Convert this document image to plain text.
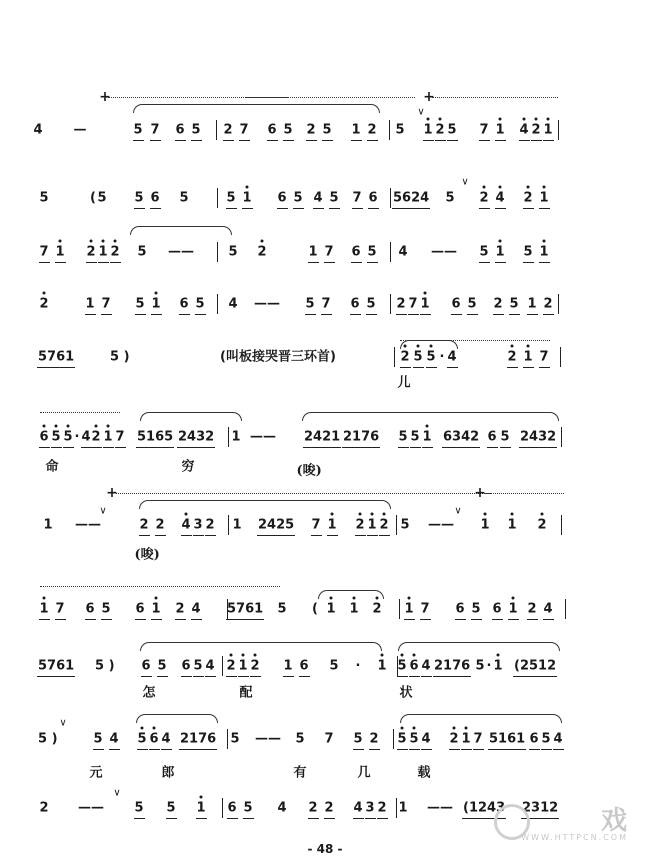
+	+
+	+
∨
∨
∨	∨
∨
∨
4 —	5 7 6 5 2 7 6 5 2 5 1 2 5 1 2 5 7 1 4 2 1
5	( 5 5 6 5	5 1 6 5 4 5 7 6 5624 5 2 4 2 1
7 1 2 1 2 5 ——	5 2	1 7 6 5 4 —— 5 1 5 1
2	1 7 5 1 6 5 4 —— 5 7 6 5 2 7 1 6 5 2 5 1 2
5761	5 )	(叫板接哭晋三环首)	2 5 5 · 4	2 1 7
儿
6 5 5 · 4 2 1 7 5165 2432 1 —— 2421 2176 5 5 1 6342 6 5 2432
命	穷	(唆)
1 ——	2 2 4 3 2 1 2425 7 1 2 1 2 5 —— 1 1 2
(唆)
1 7 6 5 6 1 2 4 5761 5 ( 1 1 2 1 7 6 5 6 1 2 4
5761 5 ) 6 5 6 5 4 2 1 2 1 6 5 · 1 5 6 4 2176 5 · 1 (2512
怎	配	状
5 )	5 4 5 6 4 2176 5 —— 5 7 5 2 5 5 4 2 1 7 5161 6 5 4
元	郎	有	几	载
2 —— 5 5 1 6 5 4 2 2 4 3 2 1 —— (1243 2312
- 48 -
戏
WWW.HTTPCN.COM
